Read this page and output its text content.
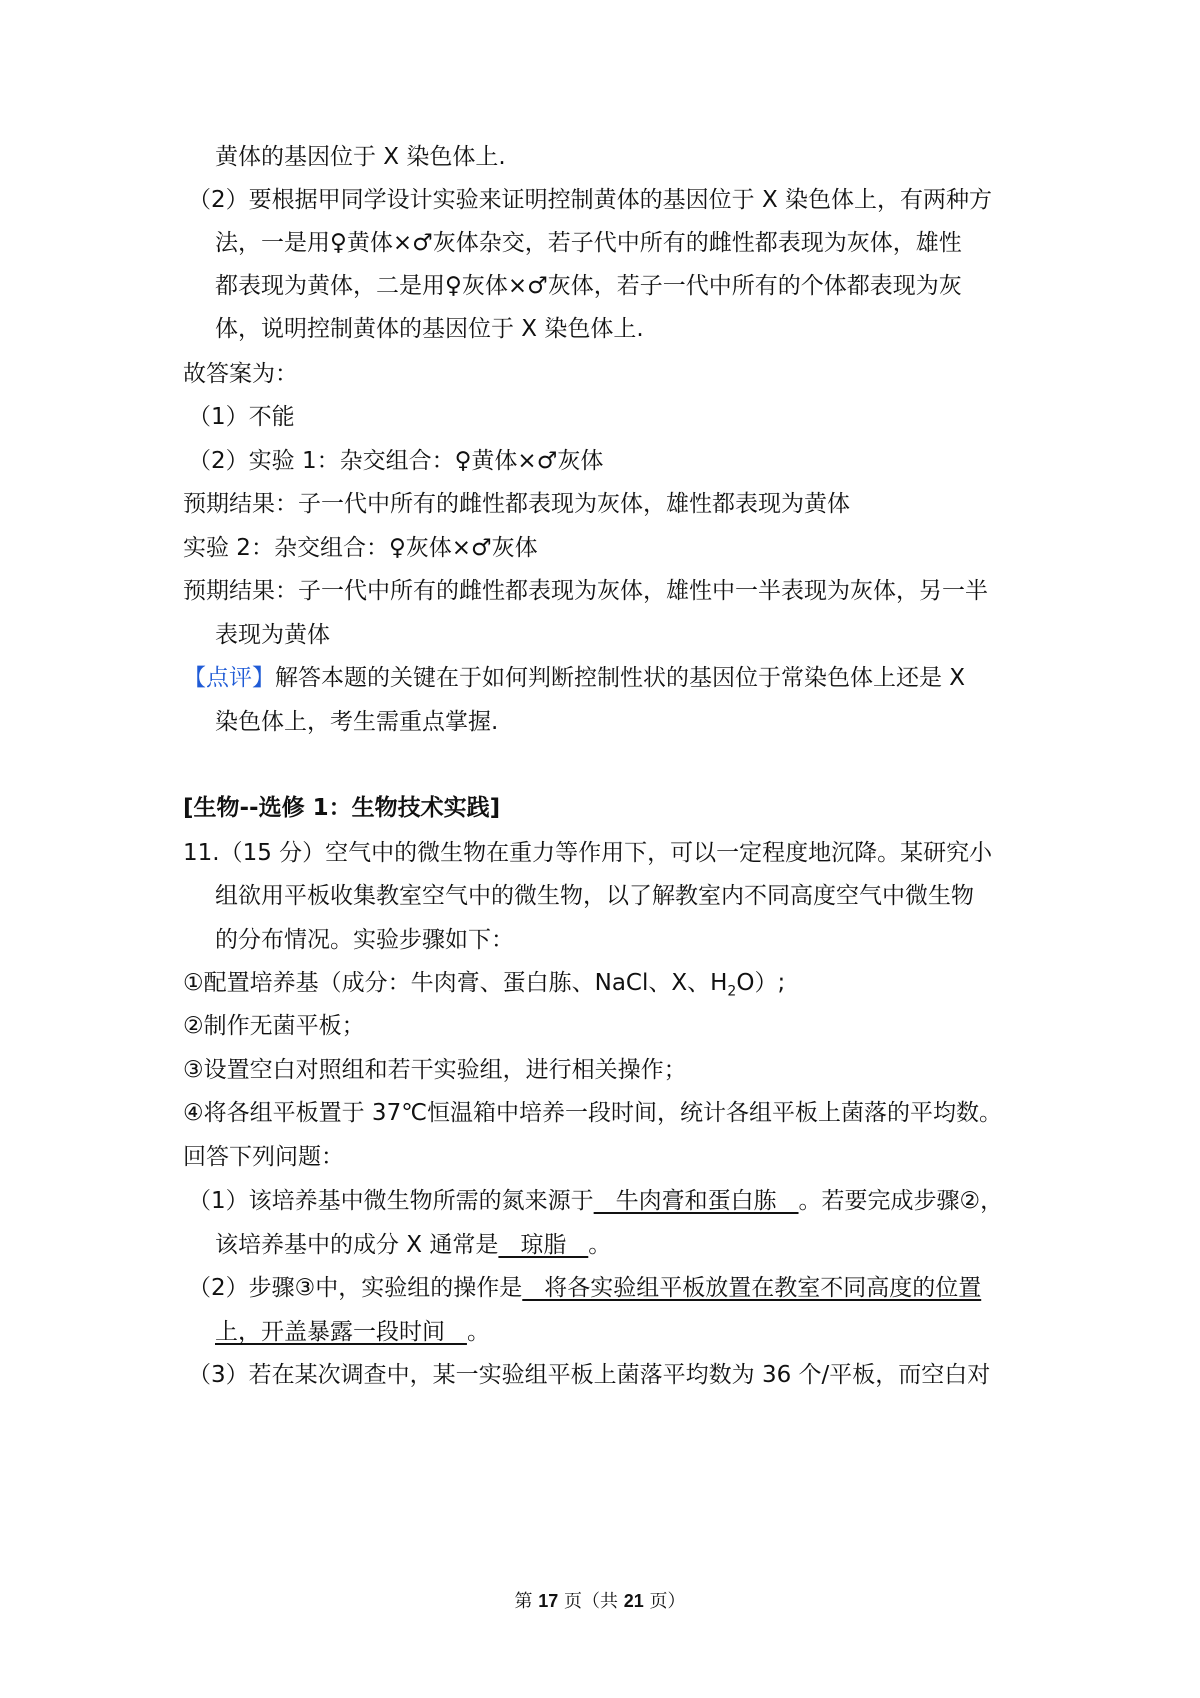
黄体的基因位于 X 染色体上.
（2）要根据甲同学设计实验来证明控制黄体的基因位于 X 染色体上，有两种方
法，一是用♀黄体×♂灰体杂交，若子代中所有的雌性都表现为灰体，雄性
都表现为黄体，二是用♀灰体×♂灰体，若子一代中所有的个体都表现为灰
体，说明控制黄体的基因位于 X 染色体上.
故答案为：
（1）不能
（2）实验 1：杂交组合：♀黄体×♂灰体
预期结果：子一代中所有的雌性都表现为灰体，雄性都表现为黄体
实验 2：杂交组合：♀灰体×♂灰体
预期结果：子一代中所有的雌性都表现为灰体，雄性中一半表现为灰体，另一半
表现为黄体
【点评】解答本题的关键在于如何判断控制性状的基因位于常染色体上还是 X
染色体上，考生需重点掌握.
[生物--选修 1：生物技术实践]
11.（15 分）空气中的微生物在重力等作用下，可以一定程度地沉降。某研究小
组欲用平板收集教室空气中的微生物，以了解教室内不同高度空气中微生物
的分布情况。实验步骤如下：
①配置培养基（成分：牛肉膏、蛋白胨、NaCl、X、$H_2O$）;
②制作无菌平板；
③设置空白对照组和若干实验组，进行相关操作；
④将各组平板置于 37℃恒温箱中培养一段时间，统计各组平板上菌落的平均数。
回答下列问题：
（1）该培养基中微生物所需的氮来源于   牛肉膏和蛋白胨   。若要完成步骤②，
该培养基中的成分 X 通常是   琼脂   。
（2）步骤③中，实验组的操作是   将各实验组平板放置在教室不同高度的位置
上，开盖暴露一段时间   。
（3）若在某次调查中，某一实验组平板上菌落平均数为 36 个/平板，而空白对
第 17 页（共 21 页）
